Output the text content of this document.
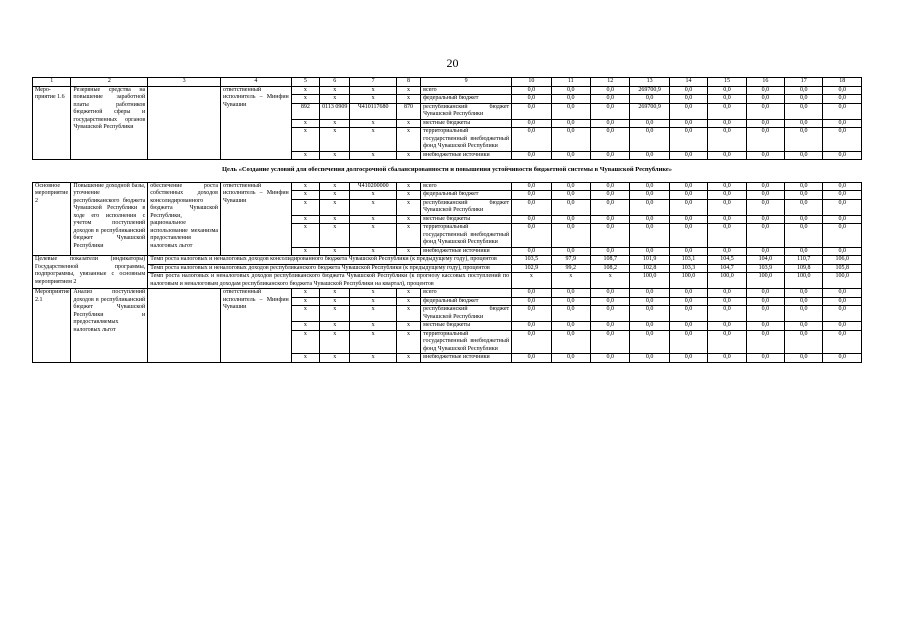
20
1	2	3	4	5	6	7	8	9	10	11	12	13	14	15	16	17	18
Меро-приятие 1.6	Резервные средства на повышение заработной платы работников бюджетной сферы и государственных органов Чувашской Республики		ответственный исполнитель – Минфин Чувашии	x	x	x	x	всего	0,0	0,0	0,0	269700,9	0,0	0,0	0,0	0,0	0,0
				x	x	x	x	федеральный бюджет	0,0	0,0	0,0	0,0	0,0	0,0	0,0	0,0	0,0
				892	0113 0909	Ч410117680	870	республиканский бюджет Чувашской Республики	0,0	0,0	0,0	269700,9	0,0	0,0	0,0	0,0	0,0
				x	x	x	x	местные бюджеты	0,0	0,0	0,0	0,0	0,0	0,0	0,0	0,0	0,0
				x	x	x	x	территориальный государственный внебюджетный фонд Чувашской Республики	0,0	0,0	0,0	0,0	0,0	0,0	0,0	0,0	0,0
				x	x	x	x	внебюджетные источники	0,0	0,0	0,0	0,0	0,0	0,0	0,0	0,0	0,0
Цель «Создание условий для обеспечения долгосрочной сбалансированности и повышения устойчивости бюджетной системы в Чувашской Республике»																	
Основное мероприятие 2	Повышение доходной базы, уточнение республиканского бюджета Чувашской Республики в ходе его исполнения с учетом поступлений доходов в республиканский бюджет Чувашской Республики	обеспечение роста собственных доходов консолидированного бюджета Чувашской Республики, рациональное использование механизма предоставления налоговых льгот	ответственный исполнитель – Минфин Чувашии	x	x	Ч410200000	x	всего	0,0	0,0	0,0	0,0	0,0	0,0	0,0	0,0	0,0
				x	x	x	x	федеральный бюджет	0,0	0,0	0,0	0,0	0,0	0,0	0,0	0,0	0,0
				x	x	x	x	республиканский бюджет Чувашской Республики	0,0	0,0	0,0	0,0	0,0	0,0	0,0	0,0	0,0
				x	x	x	x	местные бюджеты	0,0	0,0	0,0	0,0	0,0	0,0	0,0	0,0	0,0
				x	x	x	x	территориальный государственный внебюджетный фонд Чувашской Республики	0,0	0,0	0,0	0,0	0,0	0,0	0,0	0,0	0,0
				x	x	x	x	внебюджетные источники	0,0	0,0	0,0	0,0	0,0	0,0	0,0	0,0	0,0
Целевые показатели (индикаторы) Государственной программы, подпрограммы, увязанные с основным мероприятием 2		Темп роста налоговых и неналоговых доходов консолидированного бюджета Чувашской Республики (к предыдущему году), процентов							103,5	97,9	108,7	101,9	103,1	104,5	104,0	110,7	106,0
		Темп роста налоговых и неналоговых доходов республиканского бюджета Чувашской Республики (к предыдущему году), процентов							102,9	99,2	108,2	102,8	103,3	104,7	103,9	109,8	105,8
		Темп роста налоговых и неналоговых доходов республиканского бюджета Чувашской Республики (к прогнозу кассовых поступлений по налоговым и неналоговым доходам республиканского бюджета Чувашской Республики на квартал), процентов							x	x	x	100,0	100,0	100,0	100,0	100,0	100,0
Мероприятие 2.1	Анализ поступлений доходов в республиканский бюджет Чувашской Республики и предоставляемых налоговых льгот		ответственный исполнитель – Минфин Чувашии	x	x	x	x	всего	0,0	0,0	0,0	0,0	0,0	0,0	0,0	0,0	0,0
				x	x	x	x	федеральный бюджет	0,0	0,0	0,0	0,0	0,0	0,0	0,0	0,0	0,0
				x	x	x	x	республиканский бюджет Чувашской Республики	0,0	0,0	0,0	0,0	0,0	0,0	0,0	0,0	0,0
				x	x	x	x	местные бюджеты	0,0	0,0	0,0	0,0	0,0	0,0	0,0	0,0	0,0
				x	x	x	x	территориальный государственный внебюджетный фонд Чувашской Республики	0,0	0,0	0,0	0,0	0,0	0,0	0,0	0,0	0,0
				x	x	x	x	внебюджетные источники	0,0	0,0	0,0	0,0	0,0	0,0	0,0	0,0	0,0
